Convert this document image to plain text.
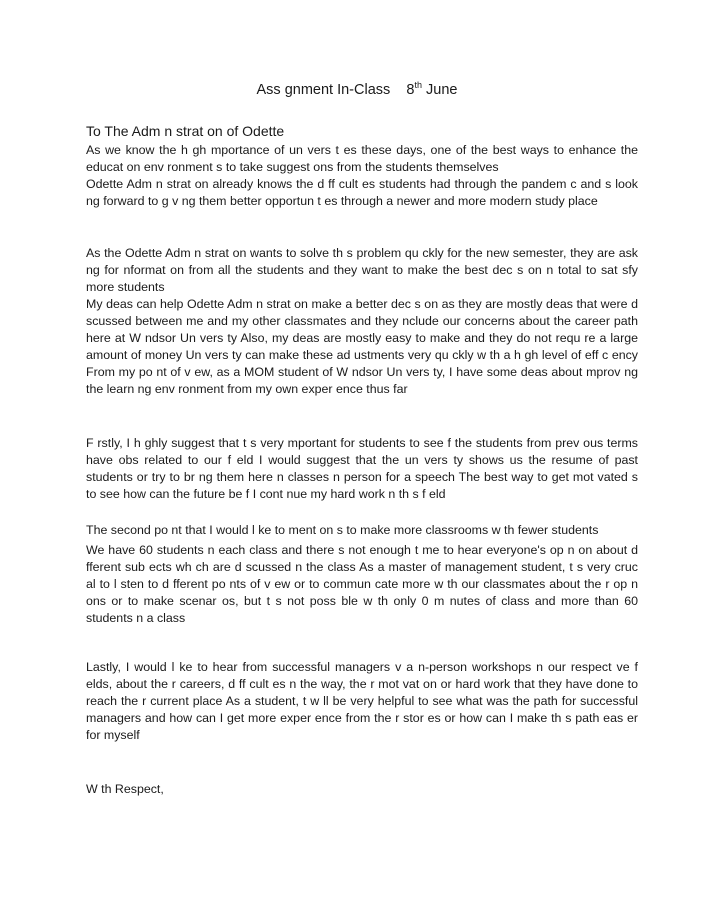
Ass gnment In-Class 8th June
To The Adm n strat on of Odette

As we know the h gh mportance of un vers t es these days, one of the best ways to enhance the educat on env ronment s to take suggest ons from the students themselves

Odette Adm n strat on already knows the d ff cult es students had through the pandem c and s look ng forward to g v ng them better opportun t es through a newer and more modern study place

As the Odette Adm n strat on wants to solve th s problem qu ckly for the new semester, they are ask ng for nformat on from all the students and they want to make the best dec s on n total to sat sfy more students

My deas can help Odette Adm n strat on make a better dec s on as they are mostly deas that were d scussed between me and my other classmates and they nclude our concerns about the career path here at W ndsor Un vers ty Also, my deas are mostly easy to make and they do not requ re a large amount of money Un vers ty can make these ad ustments very qu ckly w th a h gh level of eff c ency From my po nt of v ew, as a MOM student of W ndsor Un vers ty, I have some deas about mprov ng the learn ng env ronment from my own exper ence thus far

F rstly, I h ghly suggest that t s very mportant for students to see f the students from prev ous terms have obs related to our f eld I would suggest that the un vers ty shows us the resume of past students or try to br ng them here n classes n person for a speech The best way to get mot vated s to see how can the future be f I cont nue my hard work n th s f eld

The second po nt that I would l ke to ment on s to make more classrooms w th fewer students

We have 60 students n each class and there s not enough t me to hear everyone's op n on about d fferent sub ects wh ch are d scussed n the class As a master of management student, t s very cruc al to l sten to d fferent po nts of v ew or to commun cate more w th our classmates about the r op n ons or to make scenar os, but t s not poss ble w th only 0 m nutes of class and more than 60 students n a class

Lastly, I would l ke to hear from successful managers v a n-person workshops n our respect ve f elds, about the r careers, d ff cult es n the way, the r mot vat on or hard work that they have done to reach the r current place As a student, t w ll be very helpful to see what was the path for successful managers and how can I get more exper ence from the r stor es or how can I make th s path eas er for myself

W th Respect,
